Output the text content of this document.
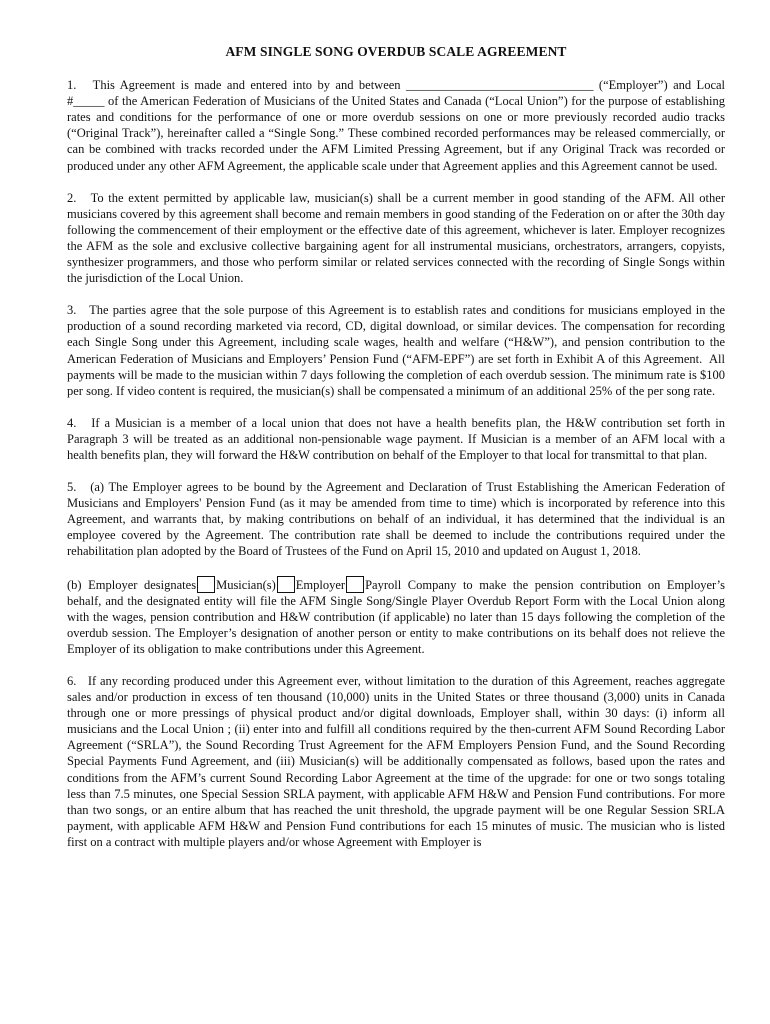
AFM SINGLE SONG OVERDUB SCALE AGREEMENT

1.   This Agreement is made and entered into by and between ______________________________ (“Employer”) and Local #_____ of the American Federation of Musicians of the United States and Canada (“Local Union”) for the purpose of establishing rates and conditions for the performance of one or more overdub sessions on one or more previously recorded audio tracks (“Original Track”), hereinafter called a “Single Song.” These combined recorded performances may be released commercially, or can be combined with tracks recorded under the AFM Limited Pressing Agreement, but if any Original Track was recorded or produced under any other AFM Agreement, the applicable scale under that Agreement applies and this Agreement cannot be used.

2.   To the extent permitted by applicable law, musician(s) shall be a current member in good standing of the AFM. All other musicians covered by this agreement shall become and remain members in good standing of the Federation on or after the 30th day following the commencement of their employment or the effective date of this agreement, whichever is later. Employer recognizes the AFM as the sole and exclusive collective bargaining agent for all instrumental musicians, orchestrators, arrangers, copyists, synthesizer programmers, and those who perform similar or related services connected with the recording of Single Songs within the jurisdiction of the Local Union.

3.   The parties agree that the sole purpose of this Agreement is to establish rates and conditions for musicians employed in the production of a sound recording marketed via record, CD, digital download, or similar devices. The compensation for recording each Single Song under this Agreement, including scale wages, health and welfare (“H&W”), and pension contribution to the American Federation of Musicians and Employers’ Pension Fund (“AFM-EPF”) are set forth in Exhibit A of this Agreement.  All payments will be made to the musician within 7 days following the completion of each overdub session. The minimum rate is $100 per song. If video content is required, the musician(s) shall be compensated a minimum of an additional 25% of the per song rate.

4.   If a Musician is a member of a local union that does not have a health benefits plan, the H&W contribution set forth in Paragraph 3 will be treated as an additional non-pensionable wage payment. If Musician is a member of an AFM local with a health benefits plan, they will forward the H&W contribution on behalf of the Employer to that local for transmittal to that plan.

5.   (a) The Employer agrees to be bound by the Agreement and Declaration of Trust Establishing the American Federation of Musicians and Employers' Pension Fund (as it may be amended from time to time) which is incorporated by reference into this Agreement, and warrants that, by making contributions on behalf of an individual, it has determined that the individual is an employee covered by the Agreement. The contribution rate shall be deemed to include the contributions required under the rehabilitation plan adopted by the Board of Trustees of the Fund on April 15, 2010 and updated on August 1, 2018.

(b) Employer designates Musician(s) Employer Payroll Company to make the pension contribution on Employer’s behalf, and the designated entity will file the AFM Single Song/Single Player Overdub Report Form with the Local Union along with the wages, pension contribution and H&W contribution (if applicable) no later than 15 days following the completion of the overdub session. The Employer’s designation of another person or entity to make contributions on its behalf does not relieve the Employer of its obligation to make contributions under this Agreement.

6.   If any recording produced under this Agreement ever, without limitation to the duration of this Agreement, reaches aggregate sales and/or production in excess of ten thousand (10,000) units in the United States or three thousand (3,000) units in Canada through one or more pressings of physical product and/or digital downloads, Employer shall, within 30 days: (i) inform all musicians and the Local Union ; (ii) enter into and fulfill all conditions required by the then-current AFM Sound Recording Labor Agreement (“SRLA”), the Sound Recording Trust Agreement for the AFM Employers Pension Fund, and the Sound Recording Special Payments Fund Agreement, and (iii) Musician(s) will be additionally compensated as follows, based upon the rates and conditions from the AFM’s current Sound Recording Labor Agreement at the time of the upgrade: for one or two songs totaling less than 7.5 minutes, one Special Session SRLA payment, with applicable AFM H&W and Pension Fund contributions. For more than two songs, or an entire album that has reached the unit threshold, the upgrade payment will be one Regular Session SRLA payment, with applicable AFM H&W and Pension Fund contributions for each 15 minutes of music. The musician who is listed first on a contract with multiple players and/or whose Agreement with Employer is
